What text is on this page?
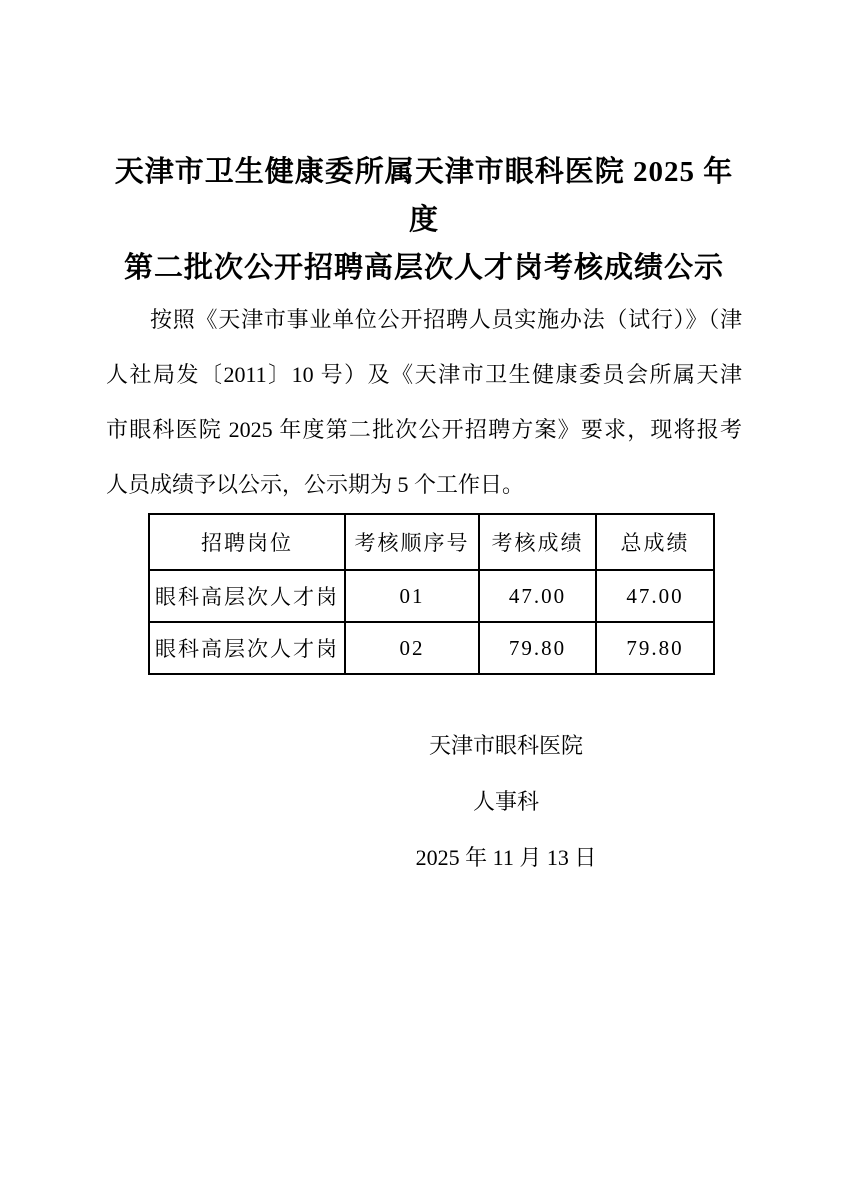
天津市卫生健康委所属天津市眼科医院 2025 年度
第二批次公开招聘高层次人才岗考核成绩公示
按照《天津市事业单位公开招聘人员实施办法（试行）》（津
人社局发〔2011〕10 号）及《天津市卫生健康委员会所属天津
市眼科医院 2025 年度第二批次公开招聘方案》要求，现将报考
人员成绩予以公示，公示期为 5 个工作日。
招聘岗位	考核顺序号	考核成绩	总成绩
眼科高层次人才岗	01	47.00	47.00
眼科高层次人才岗	02	79.80	79.80
天津市眼科医院
人事科
2025 年 11 月 13 日
